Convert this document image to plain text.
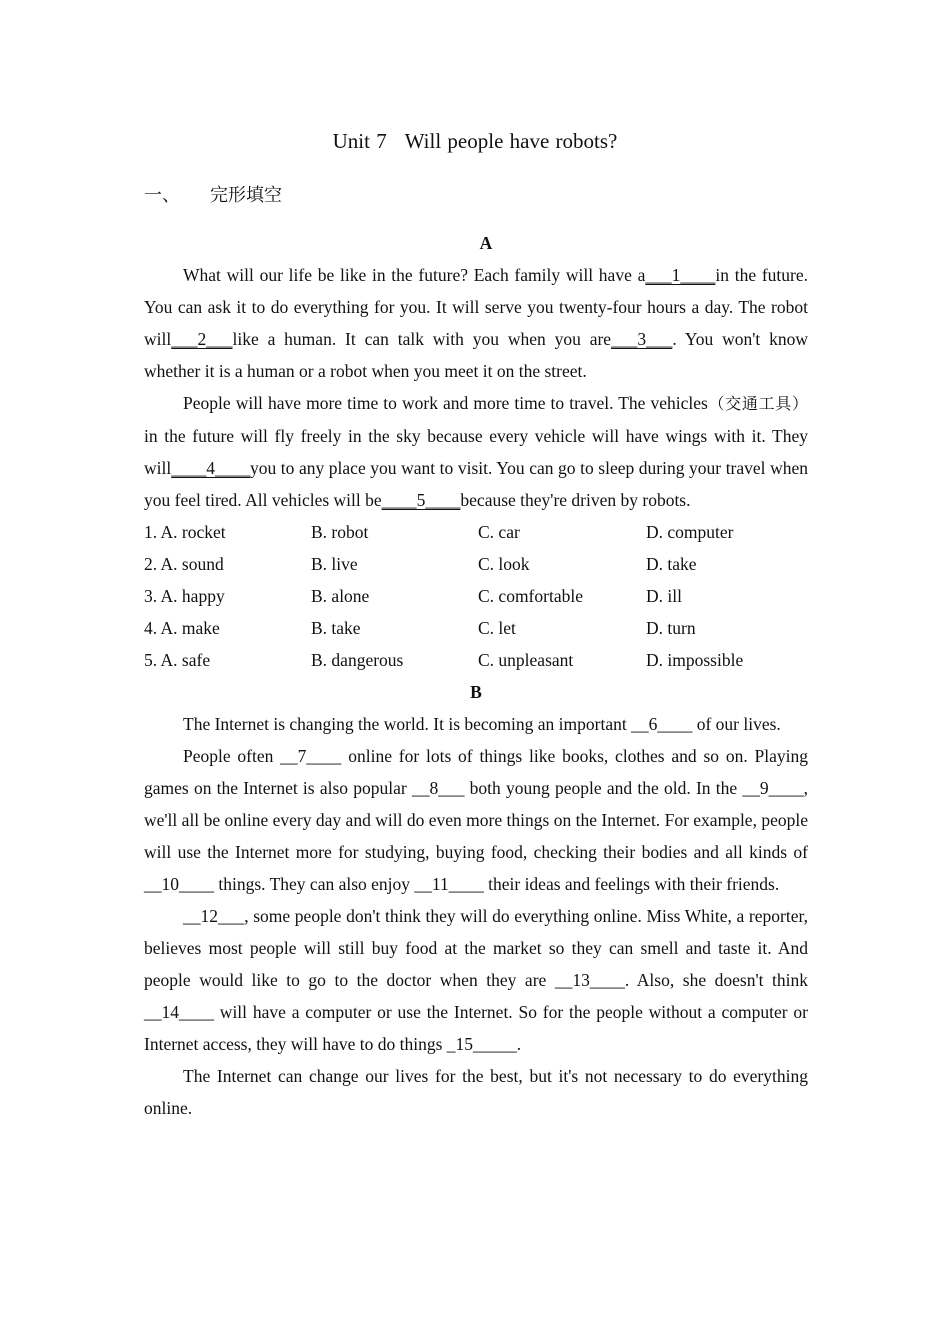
Unit 7 Will people have robots?
一、 完形填空
A

What will our life be like in the future? Each family will have a___1____in the future. You can ask it to do everything for you. It will serve you twenty-four hours a day. The robot will___2___like a human. It can talk with you when you are___3___. You won't know whether it is a human or a robot when you meet it on the street.

People will have more time to work and more time to travel. The vehicles（交通工具）in the future will fly freely in the sky because every vehicle will have wings with it. They will____4____you to any place you want to visit. You can go to sleep during your travel when you feel tired. All vehicles will be____5____because they're driven by robots.

1. A. rocket	B. robot	C. car	D. computer
2. A. sound	B. live	C. look	D. take
3. A. happy	B. alone	C. comfortable	D. ill
4. A. make	B. take	C. let	D. turn
5. A. safe	B. dangerous	C. unpleasant	D. impossible
B

The Internet is changing the world. It is becoming an important __6____ of our lives.

People often __7____ online for lots of things like books, clothes and so on. Playing games on the Internet is also popular __8___ both young people and the old. In the __9____, we'll all be online every day and will do even more things on the Internet. For example, people will use the Internet more for studying, buying food, checking their bodies and all kinds of __10____ things. They can also enjoy __11____ their ideas and feelings with their friends.

__12___, some people don't think they will do everything online. Miss White, a reporter, believes most people will still buy food at the market so they can smell and taste it. And people would like to go to the doctor when they are __13____. Also, she doesn't think __14____ will have a computer or use the Internet. So for the people without a computer or Internet access, they will have to do things _15_____.

The Internet can change our lives for the best, but it's not necessary to do everything online.
